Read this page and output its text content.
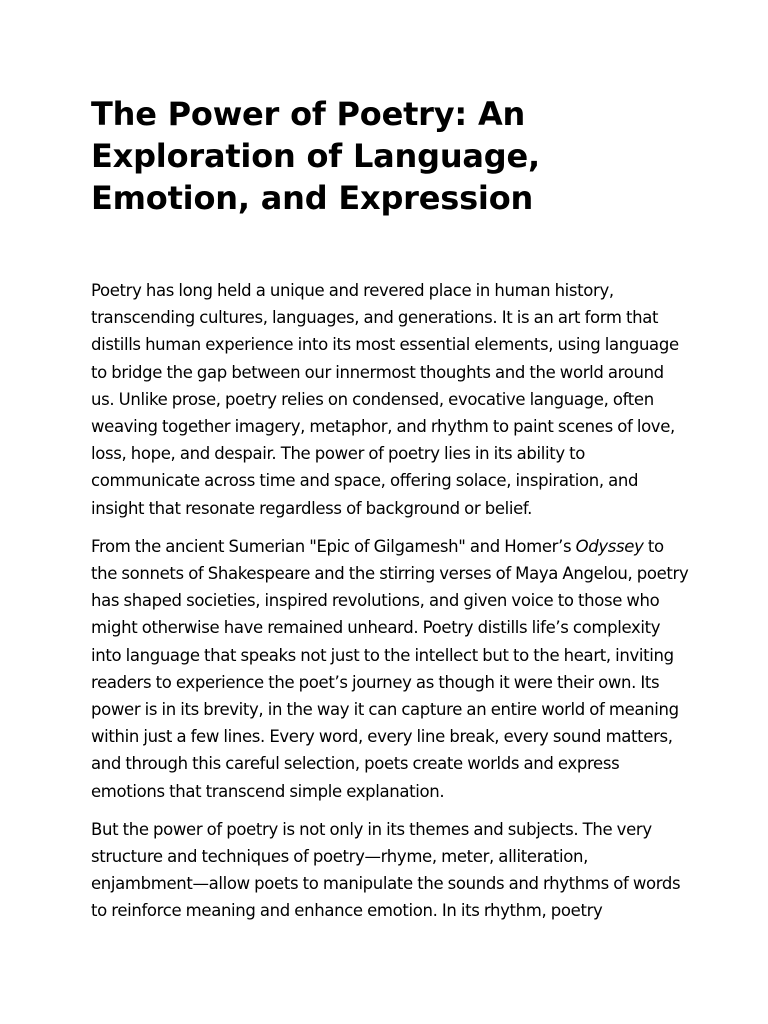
The Power of Poetry: An Exploration of Language, Emotion, and Expression

Poetry has long held a unique and revered place in human history, transcending cultures, languages, and generations. It is an art form that distills human experience into its most essential elements, using language to bridge the gap between our innermost thoughts and the world around us. Unlike prose, poetry relies on condensed, evocative language, often weaving together imagery, metaphor, and rhythm to paint scenes of love, loss, hope, and despair. The power of poetry lies in its ability to communicate across time and space, offering solace, inspiration, and insight that resonate regardless of background or belief.

From the ancient Sumerian "Epic of Gilgamesh" and Homer’s Odyssey to the sonnets of Shakespeare and the stirring verses of Maya Angelou, poetry has shaped societies, inspired revolutions, and given voice to those who might otherwise have remained unheard. Poetry distills life’s complexity into language that speaks not just to the intellect but to the heart, inviting readers to experience the poet’s journey as though it were their own. Its power is in its brevity, in the way it can capture an entire world of meaning within just a few lines. Every word, every line break, every sound matters, and through this careful selection, poets create worlds and express emotions that transcend simple explanation.

But the power of poetry is not only in its themes and subjects. The very structure and techniques of poetry—rhyme, meter, alliteration, enjambment—allow poets to manipulate the sounds and rhythms of words to reinforce meaning and enhance emotion. In its rhythm, poetry
